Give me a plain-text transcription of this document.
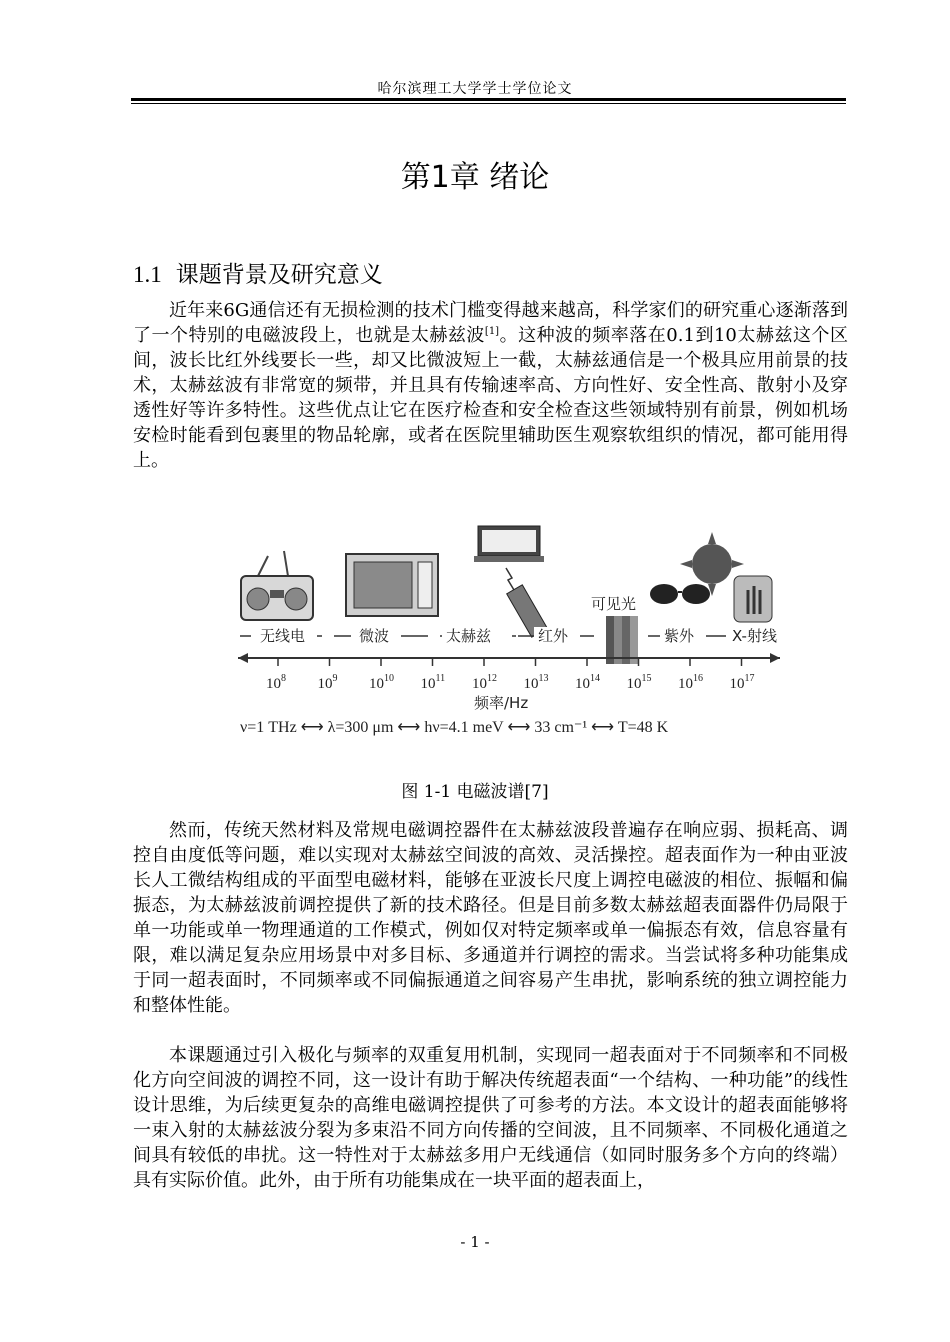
哈尔滨理工大学学士学位论文
第1章 绪论
1.1 课题背景及研究意义

近年来6G通信还有无损检测的技术门槛变得越来越高，科学家们的研究重心逐渐落到了一个特别的电磁波段上，也就是太赫兹波[1]。这种波的频率落在0.1到10太赫兹这个区间，波长比红外线要长一些，却又比微波短上一截，太赫兹通信是一个极具应用前景的技术，太赫兹波有非常宽的频带，并且具有传输速率高、方向性好、安全性高、散射小及穿透性好等许多特性。这些优点让它在医疗检查和安全检查这些领域特别有前景，例如机场安检时能看到包裹里的物品轮廓，或者在医院里辅助医生观察软组织的情况，都可能用得上。

可见光
无线电	微波	太赫兹	红外	紫外	X-射线
$10^8$ $10^9$ $10^{10}$ $10^{11}$ $10^{12}$ $10^{13}$ $10^{14}$ $10^{15}$ $10^{16}$ $10^{17}$
频率/Hz
ν=1 THz ⟷ λ=300 μm ⟷ hν=4.1 meV ⟷ 33 cm⁻¹ ⟷ T=48 K
图 1-1 电磁波谱[7]

然而，传统天然材料及常规电磁调控器件在太赫兹波段普遍存在响应弱、损耗高、调控自由度低等问题，难以实现对太赫兹空间波的高效、灵活操控。超表面作为一种由亚波长人工微结构组成的平面型电磁材料，能够在亚波长尺度上调控电磁波的相位、振幅和偏振态，为太赫兹波前调控提供了新的技术路径。但是目前多数太赫兹超表面器件仍局限于单一功能或单一物理通道的工作模式，例如仅对特定频率或单一偏振态有效，信息容量有限，难以满足复杂应用场景中对多目标、多通道并行调控的需求。当尝试将多种功能集成于同一超表面时，不同频率或不同偏振通道之间容易产生串扰，影响系统的独立调控能力和整体性能。

本课题通过引入极化与频率的双重复用机制，实现同一超表面对于不同频率和不同极化方向空间波的调控不同，这一设计有助于解决传统超表面“一个结构、一种功能”的线性设计思维，为后续更复杂的高维电磁调控提供了可参考的方法。本文设计的超表面能够将一束入射的太赫兹波分裂为多束沿不同方向传播的空间波，且不同频率、不同极化通道之间具有较低的串扰。这一特性对于太赫兹多用户无线通信（如同时服务多个方向的终端）具有实际价值。此外，由于所有功能集成在一块平面的超表面上，

- 1 -
